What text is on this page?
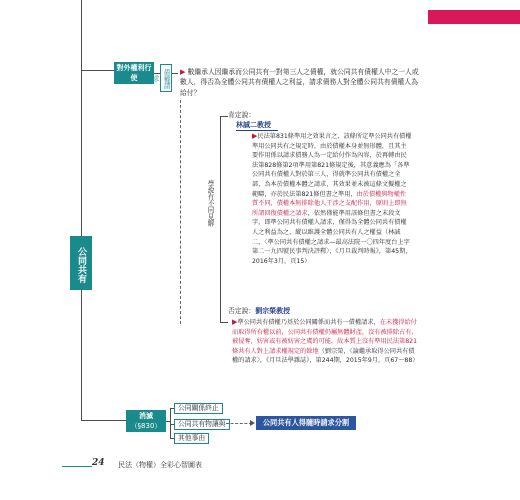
公同共有
對外權利行使	債權請求
▶ 數繼承人因繼承而公同共有一對第三人之債權，就公同共有債權人中之一人或數人，得否為全體公同共有債權人之利益，請求債務人對全體公同共有債權人為給付？
學說有不同見解
肯定說：
林誠二教授
▶民法第831條準用之效果言之，該條所定準公同共有債權準用公同共有之規定時，由於債權本身並無形體，且其主要作用係以請求債務人為一定給付作為內容，於再轉由民法第828條第2項準用第821條規定後，其意義應為「各準公同共有債權人對於第三人，得就準公同共有債權之全部，為本於債權本體之請求，其效果並未被這條文擬權之範疇，亦於民法第821條但書之準用，由於債權與物權性質不同，債權本無排除他人干涉之支配作用，原則上即無所謂回復債權之請求，依然僅能準用該條但書之末段文字，即準公同共有債權人請求，僅得為全體公同共有債權人之利益為之，縱以維護全體公同共有人之權益（林誠二，〈準公同共有債權之請求—最高法院一〇四年度台上字第二一九四號民事判決評釋〉，《月旦裁判時報》，第45期，2016年3月，頁15）
否定說：劉宗榮教授
▶準公同共有債權乃基於公同關係而共有一債權請求，在未獲得給付而取得所有權以前，公同共有債權仍屬無體財產，沒有被排除占有、被侵奪，妨害或有被妨害之虞的可能，故本質上沒有準用民法第821條共有人對上請求權規定的餘地（劉宗榮，〈論繼承取得公同共有債權的請求〉，《月旦法學雜誌》，第244期，2015年9月，頁67～88）
消滅
（§830）
公同關係終止
公同共有物讓與
其他事由
公同共有人得隨時請求分割
24 民法（物權）全彩心智圖表
